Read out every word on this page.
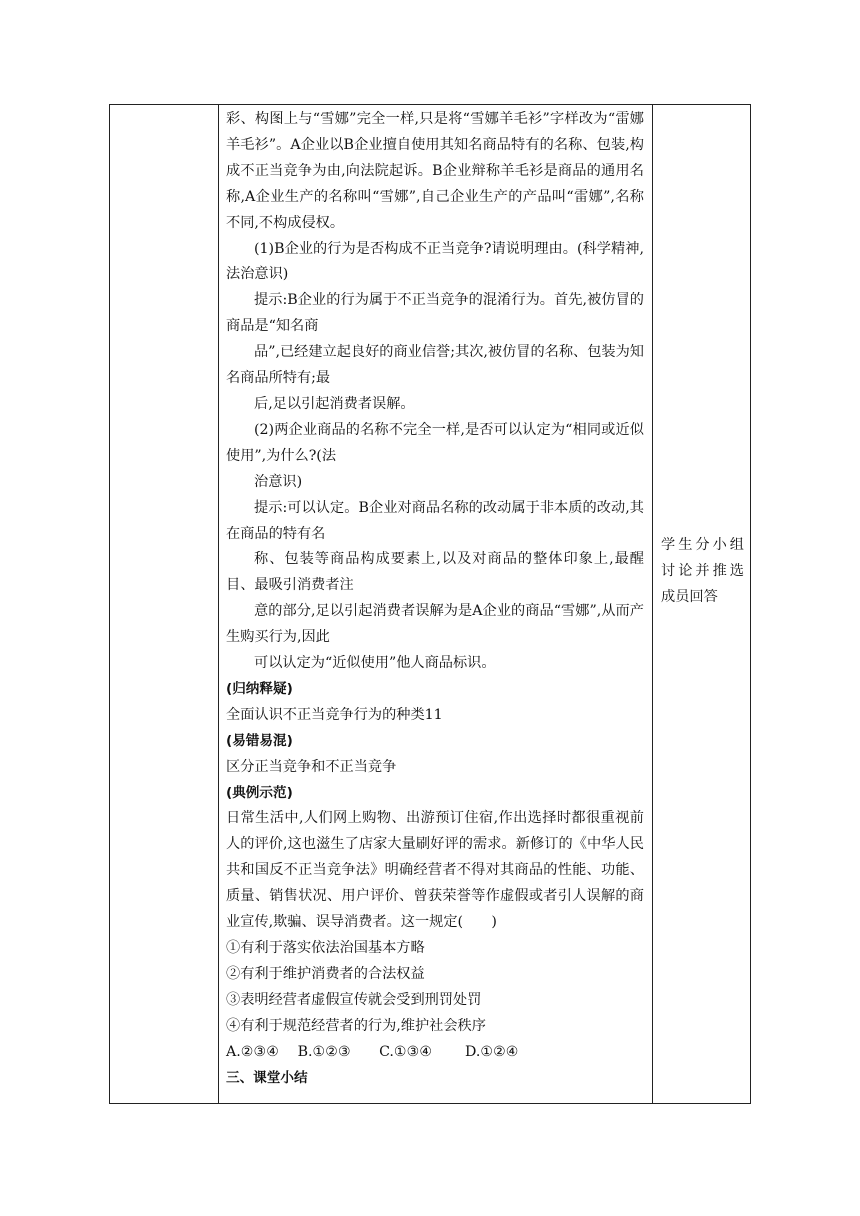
彩、构图上与“雪娜”完全一样,只是将“雪娜羊毛衫”字样改为“雷娜羊毛衫”。A企业以B企业擅自使用其知名商品特有的名称、包装,构成不正当竞争为由,向法院起诉。B企业辩称羊毛衫是商品的通用名称,A企业生产的名称叫“雪娜”,自己企业生产的产品叫“雷娜”,名称不同,不构成侵权。

(1)B企业的行为是否构成不正当竞争?请说明理由。(科学精神,法治意识)

提示:B企业的行为属于不正当竞争的混淆行为。首先,被仿冒的商品是“知名商

品”,已经建立起良好的商业信誉;其次,被仿冒的名称、包装为知名商品所特有;最

后,足以引起消费者误解。

(2)两企业商品的名称不完全一样,是否可以认定为“相同或近似使用”,为什么?(法

治意识)

提示:可以认定。B企业对商品名称的改动属于非本质的改动,其在商品的特有名

称、包装等商品构成要素上,以及对商品的整体印象上,最醒目、最吸引消费者注

意的部分,足以引起消费者误解为是A企业的商品“雪娜”,从而产生购买行为,因此

可以认定为“近似使用”他人商品标识。

(归纳释疑)

全面认识不正当竞争行为的种类11

(易错易混)

区分正当竞争和不正当竞争

(典例示范)

日常生活中,人们网上购物、出游预订住宿,作出选择时都很重视前人的评价,这也滋生了店家大量刷好评的需求。新修订的《中华人民共和国反不正当竞争法》明确经营者不得对其商品的性能、功能、质量、销售状况、用户评价、曾获荣誉等作虚假或者引人误解的商业宣传,欺骗、误导消费者。这一规定(　　)

①有利于落实依法治国基本方略

②有利于维护消费者的合法权益

③表明经营者虚假宣传就会受到刑罚处罚

④有利于规范经营者的行为,维护社会秩序

A.②③④　 B.①②③　　C.①③④　　 D.①②④

三、课堂小结

学生分小组讨论并推选成员回答
